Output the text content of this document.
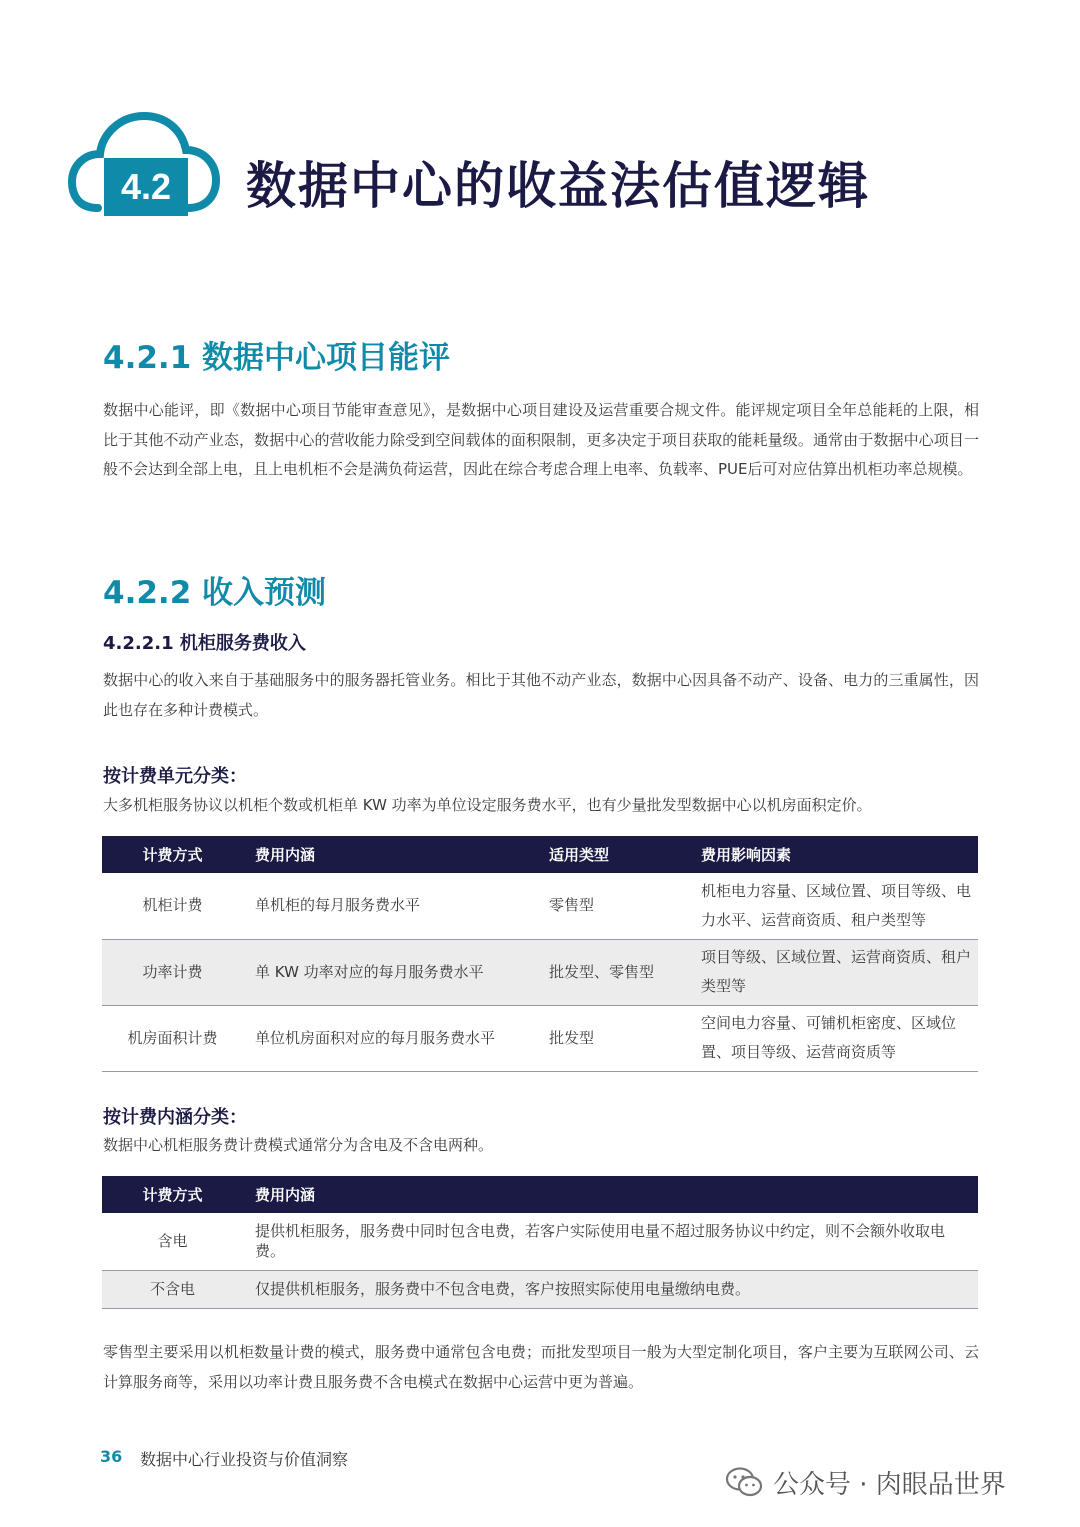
4.2	数据中心的收益法估值逻辑
4.2.1 数据中心项目能评
数据中心能评，即《数据中心项目节能审查意见》，是数据中心项目建设及运营重要合规文件。能评规定项目全年总能耗的上限，相比于其他不动产业态，数据中心的营收能力除受到空间载体的面积限制，更多决定于项目获取的能耗量级。通常由于数据中心项目一般不会达到全部上电，且上电机柜不会是满负荷运营，因此在综合考虑合理上电率、负载率、PUE后可对应估算出机柜功率总规模。
4.2.2 收入预测
4.2.2.1 机柜服务费收入
数据中心的收入来自于基础服务中的服务器托管业务。相比于其他不动产业态，数据中心因具备不动产、设备、电力的三重属性，因此也存在多种计费模式。
按计费单元分类：
大多机柜服务协议以机柜个数或机柜单 KW 功率为单位设定服务费水平，也有少量批发型数据中心以机房面积定价。
计费方式	费用内涵	适用类型	费用影响因素
机柜计费	单机柜的每月服务费水平	零售型	机柜电力容量、区域位置、项目等级、电力水平、运营商资质、租户类型等
功率计费	单 KW 功率对应的每月服务费水平	批发型、零售型	项目等级、区域位置、运营商资质、租户类型等
机房面积计费	单位机房面积对应的每月服务费水平	批发型	空间电力容量、可铺机柜密度、区域位置、项目等级、运营商资质等
按计费内涵分类：
数据中心机柜服务费计费模式通常分为含电及不含电两种。
计费方式	费用内涵
含电	提供机柜服务，服务费中同时包含电费，若客户实际使用电量不超过服务协议中约定，则不会额外收取电费。
不含电	仅提供机柜服务，服务费中不包含电费，客户按照实际使用电量缴纳电费。
零售型主要采用以机柜数量计费的模式，服务费中通常包含电费；而批发型项目一般为大型定制化项目，客户主要为互联网公司、云计算服务商等，采用以功率计费且服务费不含电模式在数据中心运营中更为普遍。
36 数据中心行业投资与价值洞察
公众号 · 肉眼品世界
